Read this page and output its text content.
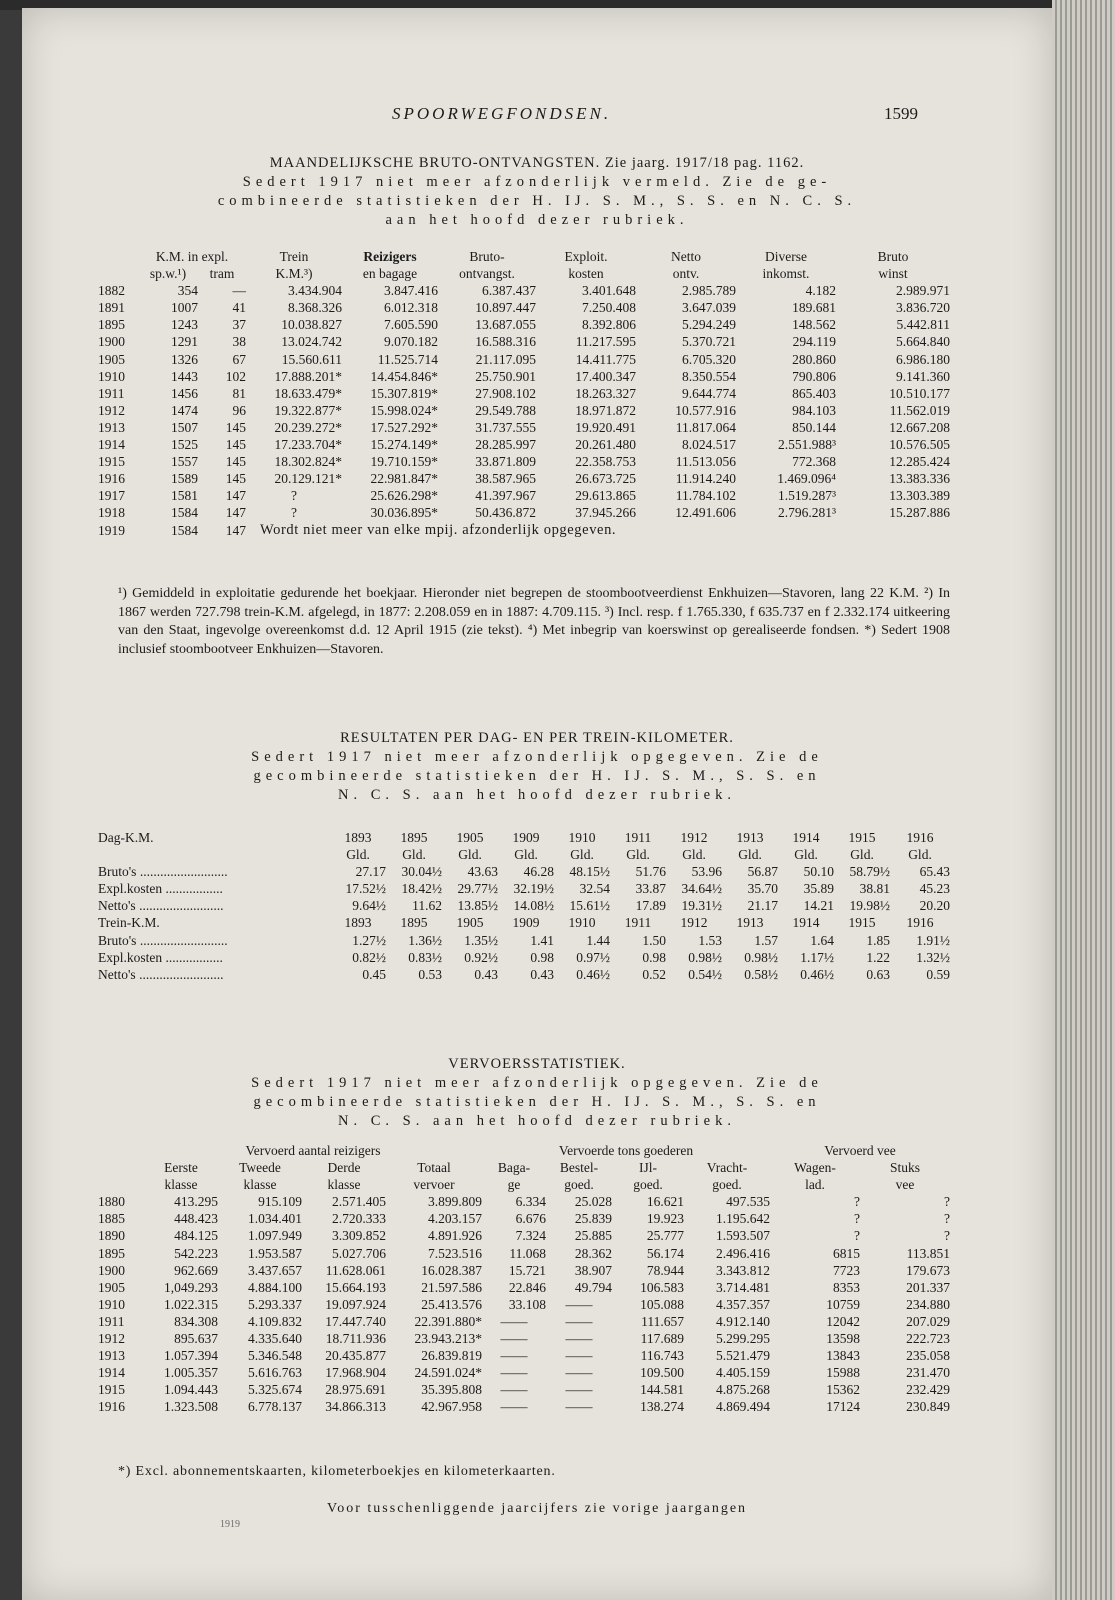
SPOORWEGFONDSEN.	1599
MAANDELIJKSCHE BRUTO-ONTVANGSTEN. Zie jaarg. 1917/18 pag. 1162.
Sedert 1917 niet meer afzonderlijk vermeld. Zie de ge-
combineerde statistieken der H. IJ. S. M., S. S. en N. C. S.
aan het hoofd dezer rubriek.
	K.M. in expl.		Trein	Reizigers	Bruto-	Exploit.	Netto	Diverse	Bruto
	sp.w.¹)	tram	K.M.³)	en bagage	ontvangst.	kosten	ontv.	inkomst.	winst
1882	354	—	3.434.904	3.847.416	6.387.437	3.401.648	2.985.789	4.182	2.989.971
1891	1007	41	8.368.326	6.012.318	10.897.447	7.250.408	3.647.039	189.681	3.836.720
1895	1243	37	10.038.827	7.605.590	13.687.055	8.392.806	5.294.249	148.562	5.442.811
1900	1291	38	13.024.742	9.070.182	16.588.316	11.217.595	5.370.721	294.119	5.664.840
1905	1326	67	15.560.611	11.525.714	21.117.095	14.411.775	6.705.320	280.860	6.986.180
1910	1443	102	17.888.201*	14.454.846*	25.750.901	17.400.347	8.350.554	790.806	9.141.360
1911	1456	81	18.633.479*	15.307.819*	27.908.102	18.263.327	9.644.774	865.403	10.510.177
1912	1474	96	19.322.877*	15.998.024*	29.549.788	18.971.872	10.577.916	984.103	11.562.019
1913	1507	145	20.239.272*	17.527.292*	31.737.555	19.920.491	11.817.064	850.144	12.667.208
1914	1525	145	17.233.704*	15.274.149*	28.285.997	20.261.480	8.024.517	2.551.988³	10.576.505
1915	1557	145	18.302.824*	19.710.159*	33.871.809	22.358.753	11.513.056	772.368	12.285.424
1916	1589	145	20.129.121*	22.981.847*	38.587.965	26.673.725	11.914.240	1.469.096⁴	13.383.336
1917	1581	147	?	25.626.298*	41.397.967	29.613.865	11.784.102	1.519.287³	13.303.389
1918	1584	147	?	30.036.895*	50.436.872	37.945.266	12.491.606	2.796.281³	15.287.886
1919	1584	147	Wordt niet meer van elke mpij. afzonderlijk opgegeven.						
¹) Gemiddeld in exploitatie gedurende het boekjaar. Hieronder niet begrepen de stoombootveerdienst Enkhuizen—Stavoren, lang 22 K.M. ²) In 1867 werden 727.798 trein-K.M. afgelegd, in 1877: 2.208.059 en in 1887: 4.709.115. ³) Incl. resp. f 1.765.330, f 635.737 en f 2.332.174 uitkeering van den Staat, ingevolge overeenkomst d.d. 12 April 1915 (zie tekst). ⁴) Met inbegrip van koerswinst op gerealiseerde fondsen. *) Sedert 1908 inclusief stoombootveer Enkhuizen—Stavoren.
RESULTATEN PER DAG- EN PER TREIN-KILOMETER.
Sedert 1917 niet meer afzonderlijk opgegeven. Zie de
gecombineerde statistieken der H. IJ. S. M., S. S. en
N. C. S. aan het hoofd dezer rubriek.
Dag-K.M.	1893	1895	1905	1909	1910	1911	1912	1913	1914	1915	1916
	Gld.	Gld.	Gld.	Gld.	Gld.	Gld.	Gld.	Gld.	Gld.	Gld.	Gld.
Bruto's ..........................	27.17	30.04½	43.63	46.28	48.15½	51.76	53.96	56.87	50.10	58.79½	65.43
Expl.kosten .................	17.52½	18.42½	29.77½	32.19½	32.54	33.87	34.64½	35.70	35.89	38.81	45.23
Netto's .........................	9.64½	11.62	13.85½	14.08½	15.61½	17.89	19.31½	21.17	14.21	19.98½	20.20
Trein-K.M.	1893	1895	1905	1909	1910	1911	1912	1913	1914	1915	1916
Bruto's ..........................	1.27½	1.36½	1.35½	1.41	1.44	1.50	1.53	1.57	1.64	1.85	1.91½
Expl.kosten .................	0.82½	0.83½	0.92½	0.98	0.97½	0.98	0.98½	0.98½	1.17½	1.22	1.32½
Netto's .........................	0.45	0.53	0.43	0.43	0.46½	0.52	0.54½	0.58½	0.46½	0.63	0.59
VERVOERSSTATISTIEK.
Sedert 1917 niet meer afzonderlijk opgegeven. Zie de
gecombineerde statistieken der H. IJ. S. M., S. S. en
N. C. S. aan het hoofd dezer rubriek.
	Vervoerd aantal reizigers				Vervoerde tons goederen				Vervoerd vee	
	Eerste	Tweede	Derde	Totaal	Baga-	Bestel-	IJl-	Vracht-	Wagen-	Stuks
	klasse	klasse	klasse	vervoer	ge	goed.	goed.	goed.	lad.	vee
1880	413.295	915.109	2.571.405	3.899.809	6.334	25.028	16.621	497.535	?	?
1885	448.423	1.034.401	2.720.333	4.203.157	6.676	25.839	19.923	1.195.642	?	?
1890	484.125	1.097.949	3.309.852	4.891.926	7.324	25.885	25.777	1.593.507	?	?
1895	542.223	1.953.587	5.027.706	7.523.516	11.068	28.362	56.174	2.496.416	6815	113.851
1900	962.669	3.437.657	11.628.061	16.028.387	15.721	38.907	78.944	3.343.812	7723	179.673
1905	1,049.293	4.884.100	15.664.193	21.597.586	22.846	49.794	106.583	3.714.481	8353	201.337
1910	1.022.315	5.293.337	19.097.924	25.413.576	33.108	——	105.088	4.357.357	10759	234.880
1911	834.308	4.109.832	17.447.740	22.391.880*	——	——	111.657	4.912.140	12042	207.029
1912	895.637	4.335.640	18.711.936	23.943.213*	——	——	117.689	5.299.295	13598	222.723
1913	1.057.394	5.346.548	20.435.877	26.839.819	——	——	116.743	5.521.479	13843	235.058
1914	1.005.357	5.616.763	17.968.904	24.591.024*	——	——	109.500	4.405.159	15988	231.470
1915	1.094.443	5.325.674	28.975.691	35.395.808	——	——	144.581	4.875.268	15362	232.429
1916	1.323.508	6.778.137	34.866.313	42.967.958	——	——	138.274	4.869.494	17124	230.849
*) Excl. abonnementskaarten, kilometerboekjes en kilometerkaarten.
Voor tusschenliggende jaarcijfers zie vorige jaargangen
1919
